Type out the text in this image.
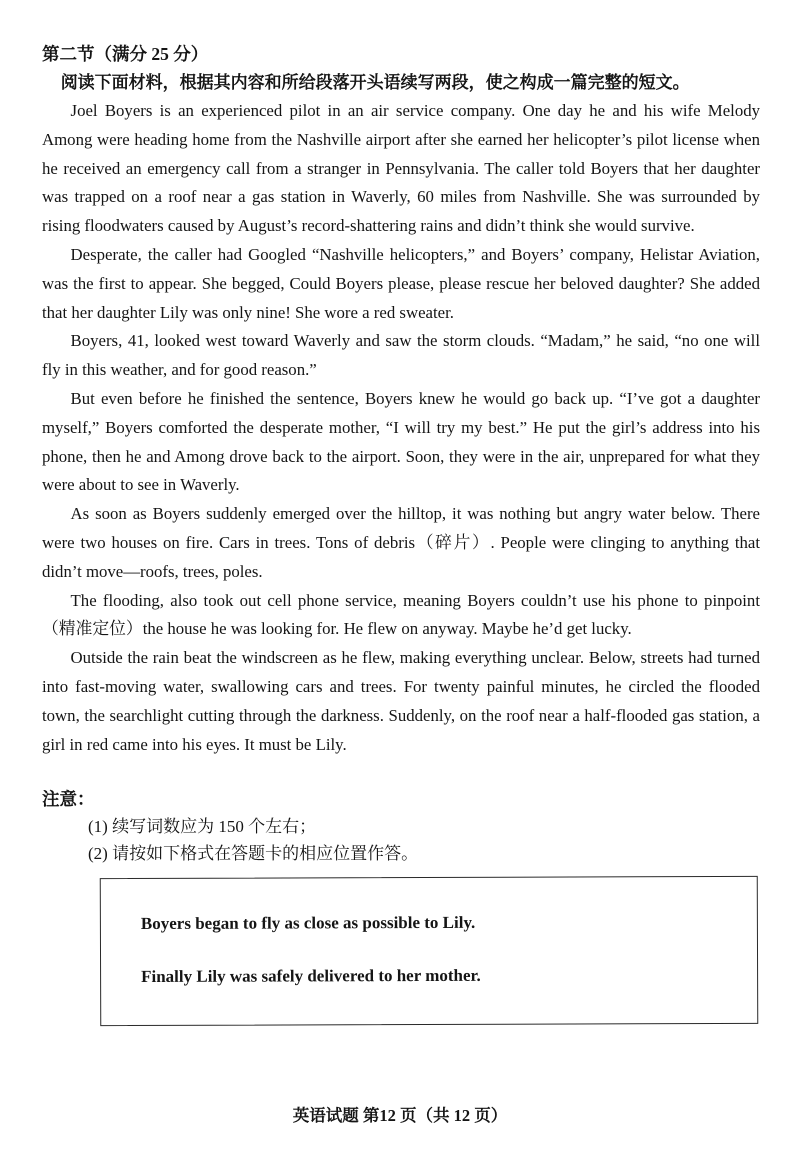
第二节（满分 25 分）

阅读下面材料，根据其内容和所给段落开头语续写两段，使之构成一篇完整的短文。

Joel Boyers is an experienced pilot in an air service company. One day he and his wife Melody Among were heading home from the Nashville airport after she earned her helicopter’s pilot license when he received an emergency call from a stranger in Pennsylvania. The caller told Boyers that her daughter was trapped on a roof near a gas station in Waverly, 60 miles from Nashville. She was surrounded by rising floodwaters caused by August’s record-shattering rains and didn’t think she would survive.

Desperate, the caller had Googled “Nashville helicopters,” and Boyers’ company, Helistar Aviation, was the first to appear. She begged, Could Boyers please, please rescue her beloved daughter? She added that her daughter Lily was only nine! She wore a red sweater.

Boyers, 41, looked west toward Waverly and saw the storm clouds. “Madam,” he said, “no one will fly in this weather, and for good reason.”

But even before he finished the sentence, Boyers knew he would go back up. “I’ve got a daughter myself,” Boyers comforted the desperate mother, “I will try my best.” He put the girl’s address into his phone, then he and Among drove back to the airport. Soon, they were in the air, unprepared for what they were about to see in Waverly.

As soon as Boyers suddenly emerged over the hilltop, it was nothing but angry water below. There were two houses on fire. Cars in trees. Tons of debris（碎片）. People were clinging to anything that didn’t move—roofs, trees, poles.

The flooding, also took out cell phone service, meaning Boyers couldn’t use his phone to pinpoint（精准定位）the house he was looking for. He flew on anyway. Maybe he’d get lucky.

Outside the rain beat the windscreen as he flew, making everything unclear. Below, streets had turned into fast-moving water, swallowing cars and trees. For twenty painful minutes, he circled the flooded town, the searchlight cutting through the darkness. Suddenly, on the roof near a half-flooded gas station, a girl in red came into his eyes. It must be Lily.

注意：

(1) 续写词数应为 150 个左右；

(2) 请按如下格式在答题卡的相应位置作答。

Boyers began to fly as close as possible to Lily.

Finally Lily was safely delivered to her mother.

英语试题 第12 页（共 12 页）
